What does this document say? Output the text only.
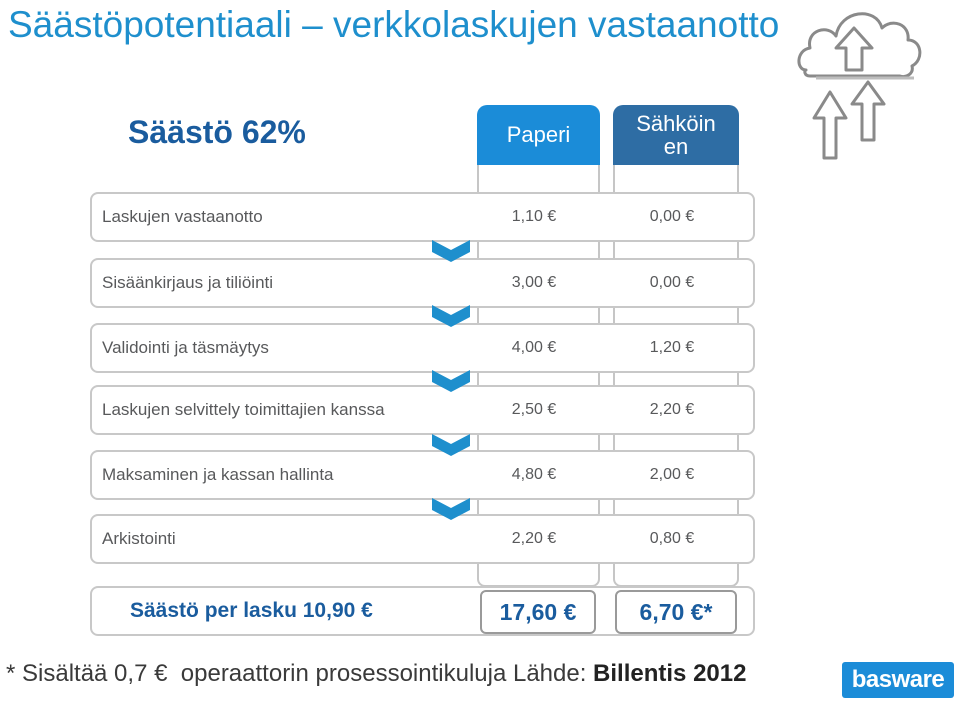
Säästöpotentiaali – verkkolaskujen vastaanotto
Säästö 62%	Paperi	Sähköin en
Laskujen vastaanotto	1,10 €	0,00 €
Sisäänkirjaus ja tiliöinti	3,00 €	0,00 €
Validointi ja täsmäytys	4,00 €	1,20 €
Laskujen selvittely toimittajien kanssa	2,50 €	2,20 €
Maksaminen ja kassan hallinta	4,80 €	2,00 €
Arkistointi	2,20 €	0,80 €
Säästö per lasku 10,90 €	17,60 €	6,70 €*
* Sisältää 0,7 €  operaattorin prosessointikuluja Lähde: Billentis 2012	basware
